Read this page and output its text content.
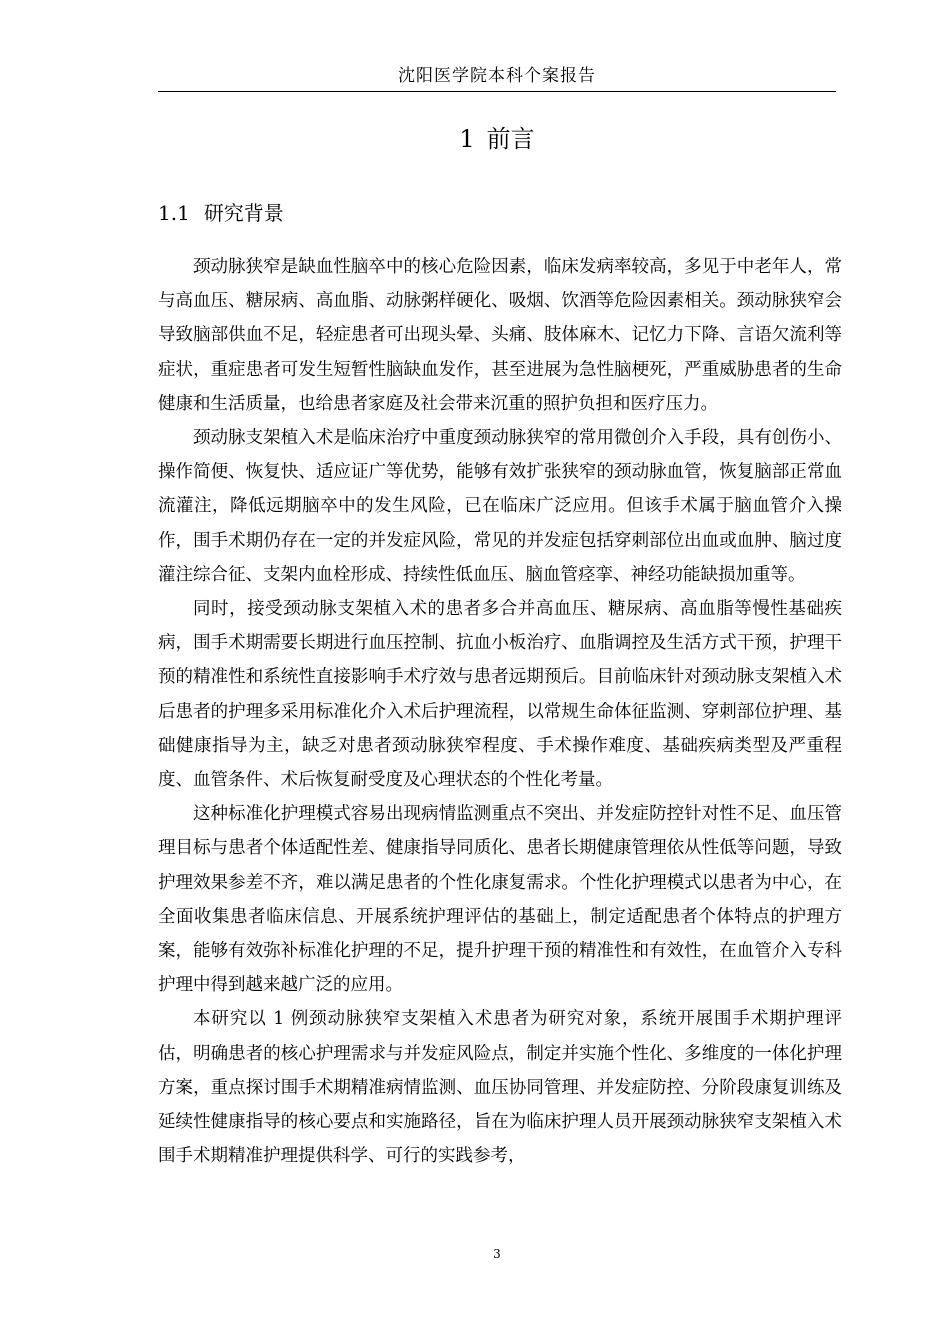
沈阳医学院本科个案报告
1 前言
1.1 研究背景

颈动脉狭窄是缺血性脑卒中的核心危险因素，临床发病率较高，多见于中老年人，常与高血压、糖尿病、高血脂、动脉粥样硬化、吸烟、饮酒等危险因素相关。颈动脉狭窄会导致脑部供血不足，轻症患者可出现头晕、头痛、肢体麻木、记忆力下降、言语欠流利等症状，重症患者可发生短暂性脑缺血发作，甚至进展为急性脑梗死，严重威胁患者的生命健康和生活质量，也给患者家庭及社会带来沉重的照护负担和医疗压力。

颈动脉支架植入术是临床治疗中重度颈动脉狭窄的常用微创介入手段，具有创伤小、操作简便、恢复快、适应证广等优势，能够有效扩张狭窄的颈动脉血管，恢复脑部正常血流灌注，降低远期脑卒中的发生风险，已在临床广泛应用。但该手术属于脑血管介入操作，围手术期仍存在一定的并发症风险，常见的并发症包括穿刺部位出血或血肿、脑过度灌注综合征、支架内血栓形成、持续性低血压、脑血管痉挛、神经功能缺损加重等。

同时，接受颈动脉支架植入术的患者多合并高血压、糖尿病、高血脂等慢性基础疾病，围手术期需要长期进行血压控制、抗血小板治疗、血脂调控及生活方式干预，护理干预的精准性和系统性直接影响手术疗效与患者远期预后。目前临床针对颈动脉支架植入术后患者的护理多采用标准化介入术后护理流程，以常规生命体征监测、穿刺部位护理、基础健康指导为主，缺乏对患者颈动脉狭窄程度、手术操作难度、基础疾病类型及严重程度、血管条件、术后恢复耐受度及心理状态的个性化考量。

这种标准化护理模式容易出现病情监测重点不突出、并发症防控针对性不足、血压管理目标与患者个体适配性差、健康指导同质化、患者长期健康管理依从性低等问题，导致护理效果参差不齐，难以满足患者的个性化康复需求。个性化护理模式以患者为中心，在全面收集患者临床信息、开展系统护理评估的基础上，制定适配患者个体特点的护理方案，能够有效弥补标准化护理的不足，提升护理干预的精准性和有效性，在血管介入专科护理中得到越来越广泛的应用。

本研究以 1 例颈动脉狭窄支架植入术患者为研究对象，系统开展围手术期护理评估，明确患者的核心护理需求与并发症风险点，制定并实施个性化、多维度的一体化护理方案，重点探讨围手术期精准病情监测、血压协同管理、并发症防控、分阶段康复训练及延续性健康指导的核心要点和实施路径，旨在为临床护理人员开展颈动脉狭窄支架植入术围手术期精准护理提供科学、可行的实践参考，

3
